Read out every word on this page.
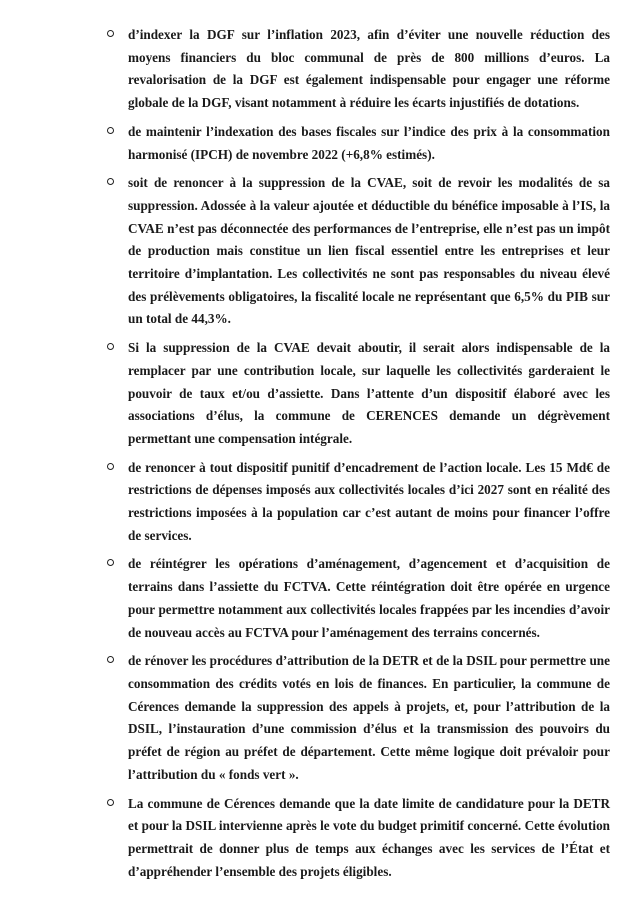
d’indexer la DGF sur l’inflation 2023, afin d’éviter une nouvelle réduction des moyens financiers du bloc communal de près de 800 millions d’euros. La revalorisation de la DGF est également indispensable pour engager une réforme globale de la DGF, visant notamment à réduire les écarts injustifiés de dotations.

de maintenir l’indexation des bases fiscales sur l’indice des prix à la consommation harmonisé (IPCH) de novembre 2022 (+6,8% estimés).

soit de renoncer à la suppression de la CVAE, soit de revoir les modalités de sa suppression. Adossée à la valeur ajoutée et déductible du bénéfice imposable à l’IS, la CVAE n’est pas déconnectée des performances de l’entreprise, elle n’est pas un impôt de production mais constitue un lien fiscal essentiel entre les entreprises et leur territoire d’implantation. Les collectivités ne sont pas responsables du niveau élevé des prélèvements obligatoires, la fiscalité locale ne représentant que 6,5% du PIB sur un total de 44,3%.

Si la suppression de la CVAE devait aboutir, il serait alors indispensable de la remplacer par une contribution locale, sur laquelle les collectivités garderaient le pouvoir de taux et/ou d’assiette. Dans l’attente d’un dispositif élaboré avec les associations d’élus, la commune de CERENCES demande un dégrèvement permettant une compensation intégrale.

de renoncer à tout dispositif punitif d’encadrement de l’action locale. Les 15 Md€ de restrictions de dépenses imposés aux collectivités locales d’ici 2027 sont en réalité des restrictions imposées à la population car c’est autant de moins pour financer l’offre de services.

de réintégrer les opérations d’aménagement, d’agencement et d’acquisition de terrains dans l’assiette du FCTVA. Cette réintégration doit être opérée en urgence pour permettre notamment aux collectivités locales frappées par les incendies d’avoir de nouveau accès au FCTVA pour l’aménagement des terrains concernés.

de rénover les procédures d’attribution de la DETR et de la DSIL pour permettre une consommation des crédits votés en lois de finances. En particulier, la commune de Cérences demande la suppression des appels à projets, et, pour l’attribution de la DSIL, l’instauration d’une commission d’élus et la transmission des pouvoirs du préfet de région au préfet de département. Cette même logique doit prévaloir pour l’attribution du « fonds vert ».

La commune de Cérences demande que la date limite de candidature pour la DETR et pour la DSIL intervienne après le vote du budget primitif concerné. Cette évolution permettrait de donner plus de temps aux échanges avec les services de l’État et d’appréhender l’ensemble des projets éligibles.
